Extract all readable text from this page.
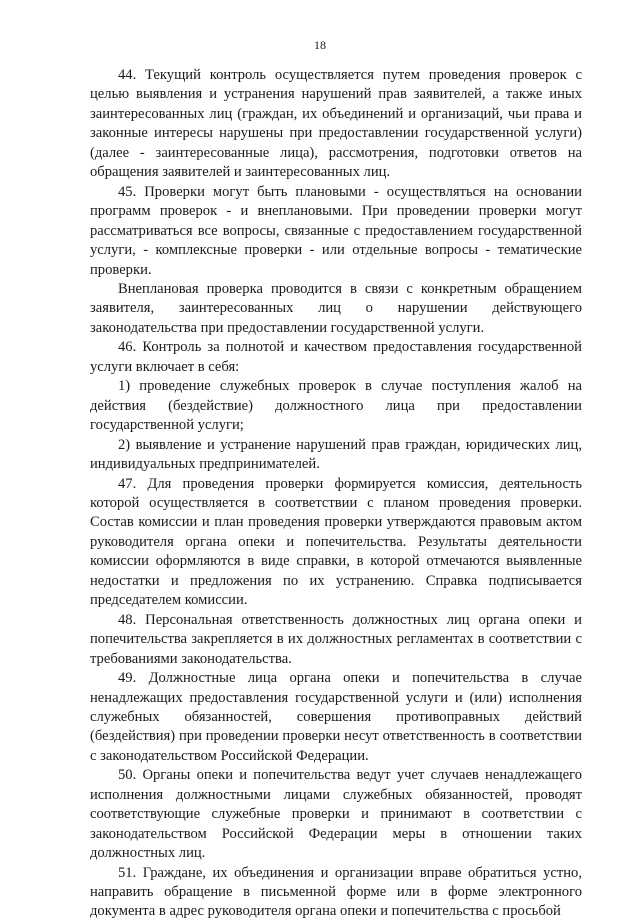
18

44. Текущий контроль осуществляется путем проведения проверок с целью выявления и устранения нарушений прав заявителей, а также иных заинтересованных лиц (граждан, их объединений и организаций, чьи права и законные интересы нарушены при предоставлении государственной услуги) (далее - заинтересованные лица), рассмотрения, подготовки ответов на обращения заявителей и заинтересованных лиц.

45. Проверки могут быть плановыми - осуществляться на основании программ проверок - и внеплановыми. При проведении проверки могут рассматриваться все вопросы, связанные с предоставлением государственной услуги, - комплексные проверки - или отдельные вопросы - тематические проверки.

Внеплановая проверка проводится в связи с конкретным обращением заявителя, заинтересованных лиц о нарушении действующего законодательства при предоставлении государственной услуги.

46. Контроль за полнотой и качеством предоставления государственной услуги включает в себя:

1) проведение служебных проверок в случае поступления жалоб на действия (бездействие) должностного лица при предоставлении государственной услуги;

2) выявление и устранение нарушений прав граждан, юридических лиц, индивидуальных предпринимателей.

47. Для проведения проверки формируется комиссия, деятельность которой осуществляется в соответствии с планом проведения проверки. Состав комиссии и план проведения проверки утверждаются правовым актом руководителя органа опеки и попечительства. Результаты деятельности комиссии оформляются в виде справки, в которой отмечаются выявленные недостатки и предложения по их устранению. Справка подписывается председателем комиссии.

48. Персональная ответственность должностных лиц органа опеки и попечительства закрепляется в их должностных регламентах в соответствии с требованиями законодательства.

49. Должностные лица органа опеки и попечительства в случае ненадлежащих предоставления государственной услуги и (или) исполнения служебных обязанностей, совершения противоправных действий (бездействия) при проведении проверки несут ответственность в соответствии с законодательством Российской Федерации.

50. Органы опеки и попечительства ведут учет случаев ненадлежащего исполнения должностными лицами служебных обязанностей, проводят соответствующие служебные проверки и принимают в соответствии с законодательством Российской Федерации меры в отношении таких должностных лиц.

51. Граждане, их объединения и организации вправе обратиться устно, направить обращение в письменной форме или в форме электронного документа в адрес руководителя органа опеки и попечительства с просьбой
